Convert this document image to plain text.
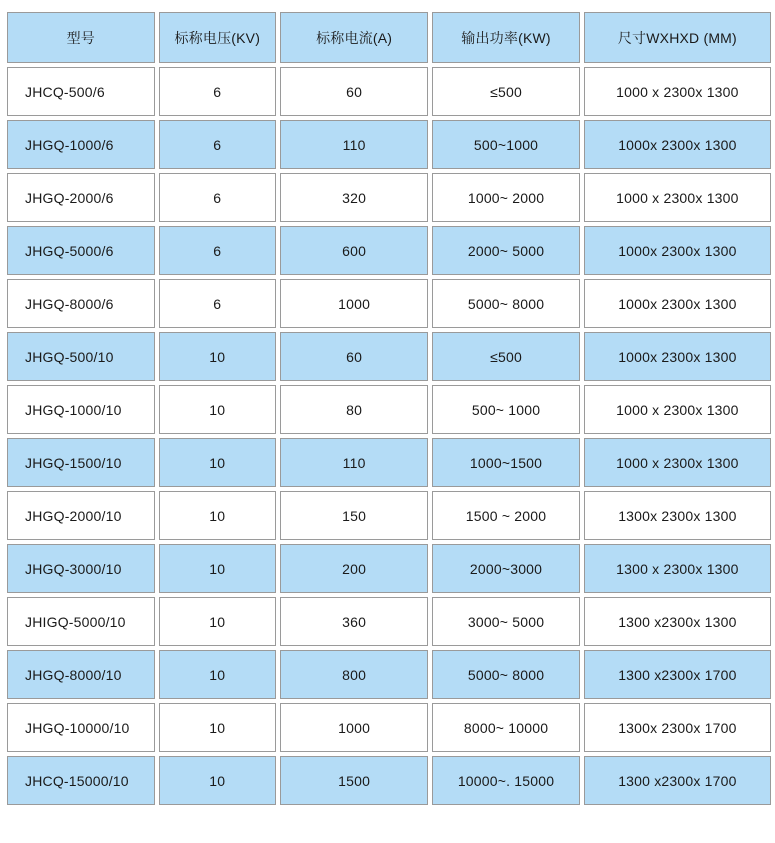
型号	标称电压(KV)	标称电流(A)	输出功率(KW)	尺寸WXHXD (MM)
JHCQ-500/6	6	60	≤500	1000 x 2300x 1300
JHGQ-1000/6	6	110	500~1000	1000x 2300x 1300
JHGQ-2000/6	6	320	1000~ 2000	1000 x 2300x 1300
JHGQ-5000/6	6	600	2000~ 5000	1000x 2300x 1300
JHGQ-8000/6	6	1000	5000~ 8000	1000x 2300x 1300
JHGQ-500/10	10	60	≤500	1000x 2300x 1300
JHGQ-1000/10	10	80	500~ 1000	1000 x 2300x 1300
JHGQ-1500/10	10	110	1000~1500	1000 x 2300x 1300
JHGQ-2000/10	10	150	1500 ~ 2000	1300x 2300x 1300
JHGQ-3000/10	10	200	2000~3000	1300 x 2300x 1300
JHIGQ-5000/10	10	360	3000~ 5000	1300 x2300x 1300
JHGQ-8000/10	10	800	5000~ 8000	1300 x2300x 1700
JHGQ-10000/10	10	1000	8000~ 10000	1300x 2300x 1700
JHCQ-15000/10	10	1500	10000~. 15000	1300 x2300x 1700
